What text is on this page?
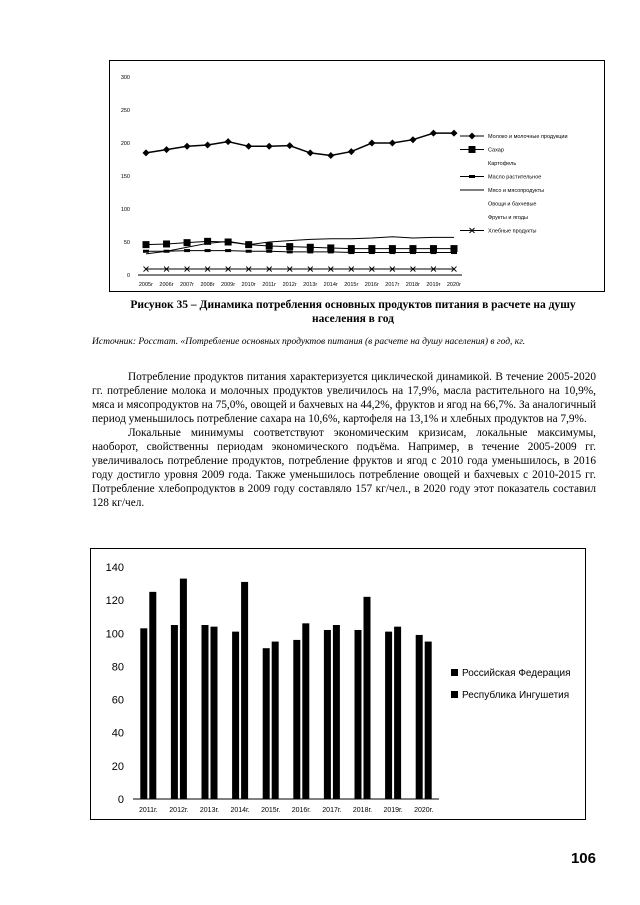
0
50
100
150
200
250
300
2005г 2006г 2007г 2008г 2009г 2010г 2011г 2012г 2013г 2014г 2015г 2016г 2017г 2018г 2019г 2020г
Молоко и молочные продукции
Сахар
Картофель
Масло растительное
Мясо и мясопродукты
Овощи и бахчевые
Фрукты и ягоды
Хлебные продукты
Рисунок 35 – Динамика потребления основных продуктов питания в расчете на душу населения в год
Источник: Росстат. «Потребление основных продуктов питания (в расчете на душу населения) в год, кг.

Потребление продуктов питания характеризуется циклической динамикой. В течение 2005-2020 гг. потребление молока и молочных продуктов увеличилось на 17,9%, масла растительного на 10,9%, мяса и мясопродуктов на 75,0%, овощей и бахчевых на 44,2%, фруктов и ягод на 66,7%. За аналогичный период уменьшилось потребление сахара на 10,6%, картофеля на 13,1% и хлебных продуктов на 7,9%.

Локальные минимумы соответствуют экономическим кризисам, локальные максимумы, наоборот, свойственны периодам экономического подъёма. Например, в течение 2005-2009 гг. увеличивалось потребление продуктов, потребление фруктов и ягод с 2010 года уменьшилось, в 2016 году достигло уровня 2009 года. Также уменьшилось потребление овощей и бахчевых с 2010-2015 гг. Потребление хлебопродуктов в 2009 году составляло 157 кг/чел., в 2020 году этот показатель составил 128 кг/чел.

0
20
40
60
80
100
120
140
2011г. 2012г. 2013г. 2014г. 2015г. 2016г. 2017г. 2018г. 2019г. 2020г.
Российская Федерация
Республика Ингушетия
106
